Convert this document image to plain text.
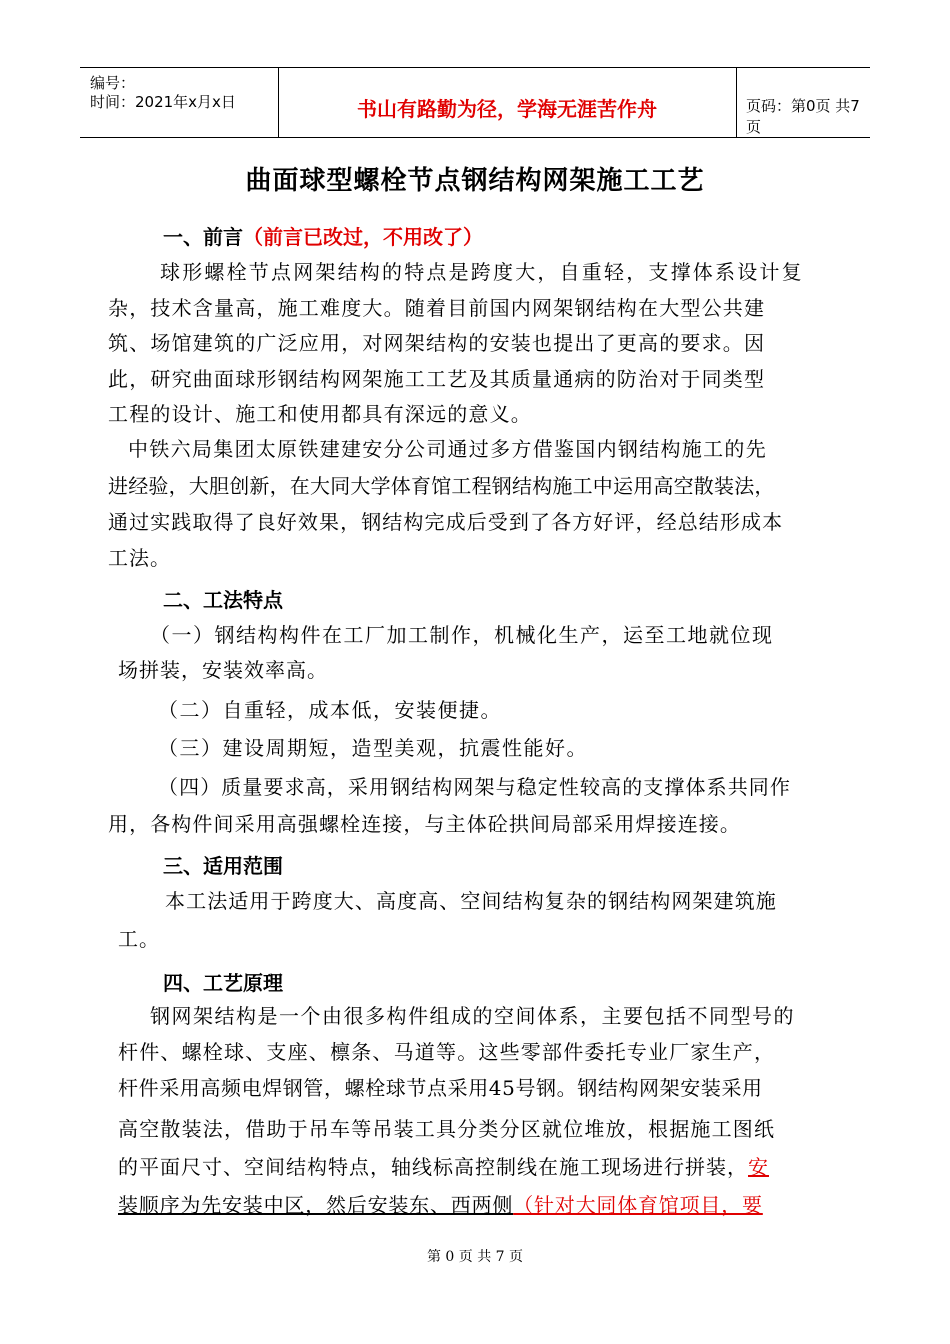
编号：
时间：2021年x月x日	书山有路勤为径，学海无涯苦作舟	页码：第0页 共7页
曲面球型螺栓节点钢结构网架施工工艺
一、前言（前言已改过，不用改了）
球形螺栓节点网架结构的特点是跨度大，自重轻，支撑体系设计复
杂，技术含量高，施工难度大。随着目前国内网架钢结构在大型公共建
筑、场馆建筑的广泛应用，对网架结构的安装也提出了更高的要求。因
此，研究曲面球形钢结构网架施工工艺及其质量通病的防治对于同类型
工程的设计、施工和使用都具有深远的意义。
中铁六局集团太原铁建建安分公司通过多方借鉴国内钢结构施工的先
进经验，大胆创新，在大同大学体育馆工程钢结构施工中运用高空散装法，
通过实践取得了良好效果，钢结构完成后受到了各方好评，经总结形成本
工法。
二、工法特点
（一）钢结构构件在工厂加工制作，机械化生产，运至工地就位现
场拼装，安装效率高。
（二）自重轻，成本低，安装便捷。
（三）建设周期短，造型美观，抗震性能好。
（四）质量要求高，采用钢结构网架与稳定性较高的支撑体系共同作
用，各构件间采用高强螺栓连接，与主体砼拱间局部采用焊接连接。
三、适用范围
本工法适用于跨度大、高度高、空间结构复杂的钢结构网架建筑施
工。
四、工艺原理
钢网架结构是一个由很多构件组成的空间体系，主要包括不同型号的
杆件、螺栓球、支座、檩条、马道等。这些零部件委托专业厂家生产，
杆件采用高频电焊钢管，螺栓球节点采用45号钢。钢结构网架安装采用
高空散装法，借助于吊车等吊装工具分类分区就位堆放，根据施工图纸
的平面尺寸、空间结构特点，轴线标高控制线在施工现场进行拼装，安
装顺序为先安装中区，然后安装东、西两侧（针对大同体育馆项目，要
第 0 页 共 7 页
